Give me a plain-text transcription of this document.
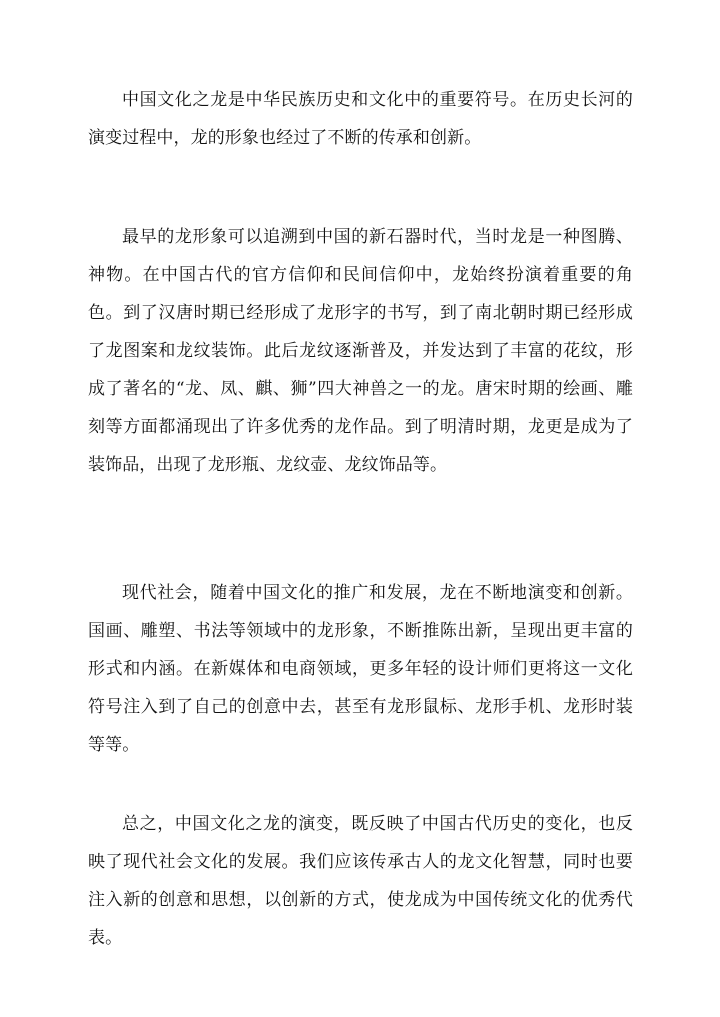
中国文化之龙是中华民族历史和文化中的重要符号。在历史长河的演变过程中，龙的形象也经过了不断的传承和创新。

最早的龙形象可以追溯到中国的新石器时代，当时龙是一种图腾、神物。在中国古代的官方信仰和民间信仰中，龙始终扮演着重要的角色。到了汉唐时期已经形成了龙形字的书写，到了南北朝时期已经形成了龙图案和龙纹装饰。此后龙纹逐渐普及，并发达到了丰富的花纹，形成了著名的“龙、凤、麒、狮”四大神兽之一的龙。唐宋时期的绘画、雕刻等方面都涌现出了许多优秀的龙作品。到了明清时期，龙更是成为了装饰品，出现了龙形瓶、龙纹壶、龙纹饰品等。

现代社会，随着中国文化的推广和发展，龙在不断地演变和创新。国画、雕塑、书法等领域中的龙形象，不断推陈出新，呈现出更丰富的形式和内涵。在新媒体和电商领域，更多年轻的设计师们更将这一文化符号注入到了自己的创意中去，甚至有龙形鼠标、龙形手机、龙形时装等等。

总之，中国文化之龙的演变，既反映了中国古代历史的变化，也反映了现代社会文化的发展。我们应该传承古人的龙文化智慧，同时也要注入新的创意和思想，以创新的方式，使龙成为中国传统文化的优秀代表。
